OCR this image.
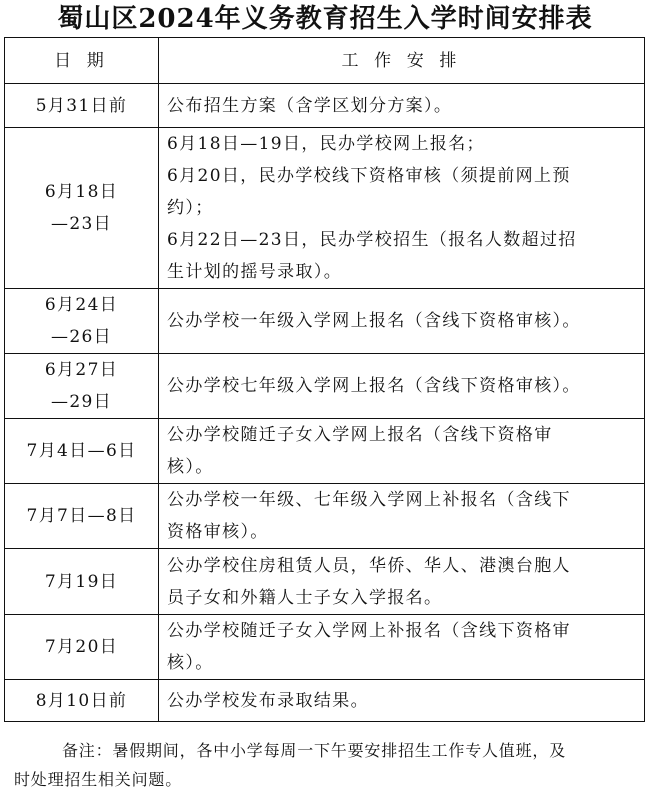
蜀山区2024年义务教育招生入学时间安排表
日 期	工 作 安 排

5月31日前	公布招生方案（含学区划分方案）。

6月18日
—23日	6月18日—19日，民办学校网上报名；
6月20日，民办学校线下资格审核（须提前网上预
约）；
6月22日—23日，民办学校招生（报名人数超过招
生计划的摇号录取）。

6月24日
—26日	公办学校一年级入学网上报名（含线下资格审核）。

6月27日
—29日	公办学校七年级入学网上报名（含线下资格审核）。

7月4日—6日	公办学校随迁子女入学网上报名（含线下资格审
核）。

7月7日—8日	公办学校一年级、七年级入学网上补报名（含线下
资格审核）。

7月19日	公办学校住房租赁人员，华侨、华人、港澳台胞人
员子女和外籍人士子女入学报名。

7月20日	公办学校随迁子女入学网上补报名（含线下资格审
核）。

8月10日前	公办学校发布录取结果。
备注：暑假期间，各中小学每周一下午要安排招生工作专人值班，及
时处理招生相关问题。
